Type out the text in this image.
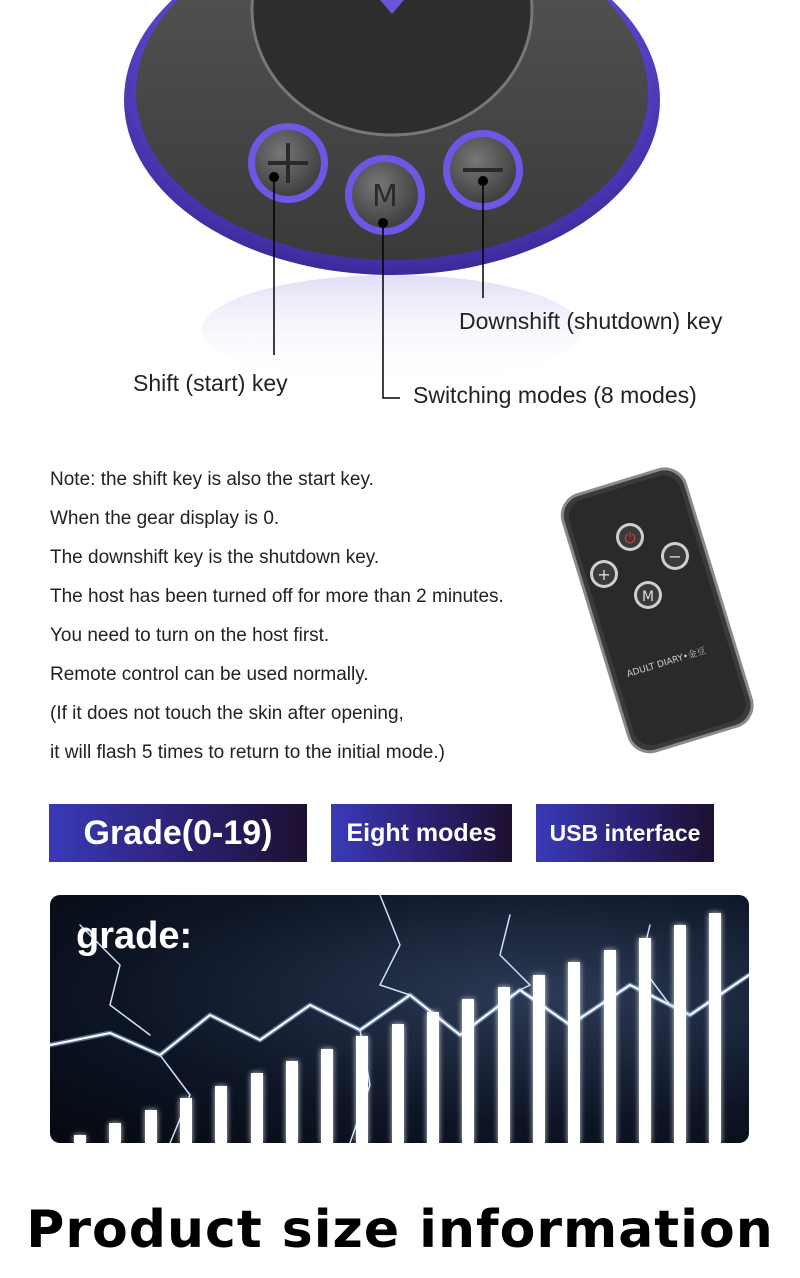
M
Downshift (shutdown) key
Shift (start) key	Switching modes (8 modes)
Note: the shift key is also the start key.
When the gear display is 0.
The downshift key is the shutdown key.
The host has been turned off for more than 2 minutes.
You need to turn on the host first.
Remote control can be used normally.
(If it does not touch the skin after opening,
it will flash 5 times to return to the initial mode.)
⏻
+
−
M
ADULT DIARY•金豆
Grade(0-19)	Eight modes USB interface
grade:
Product size information
